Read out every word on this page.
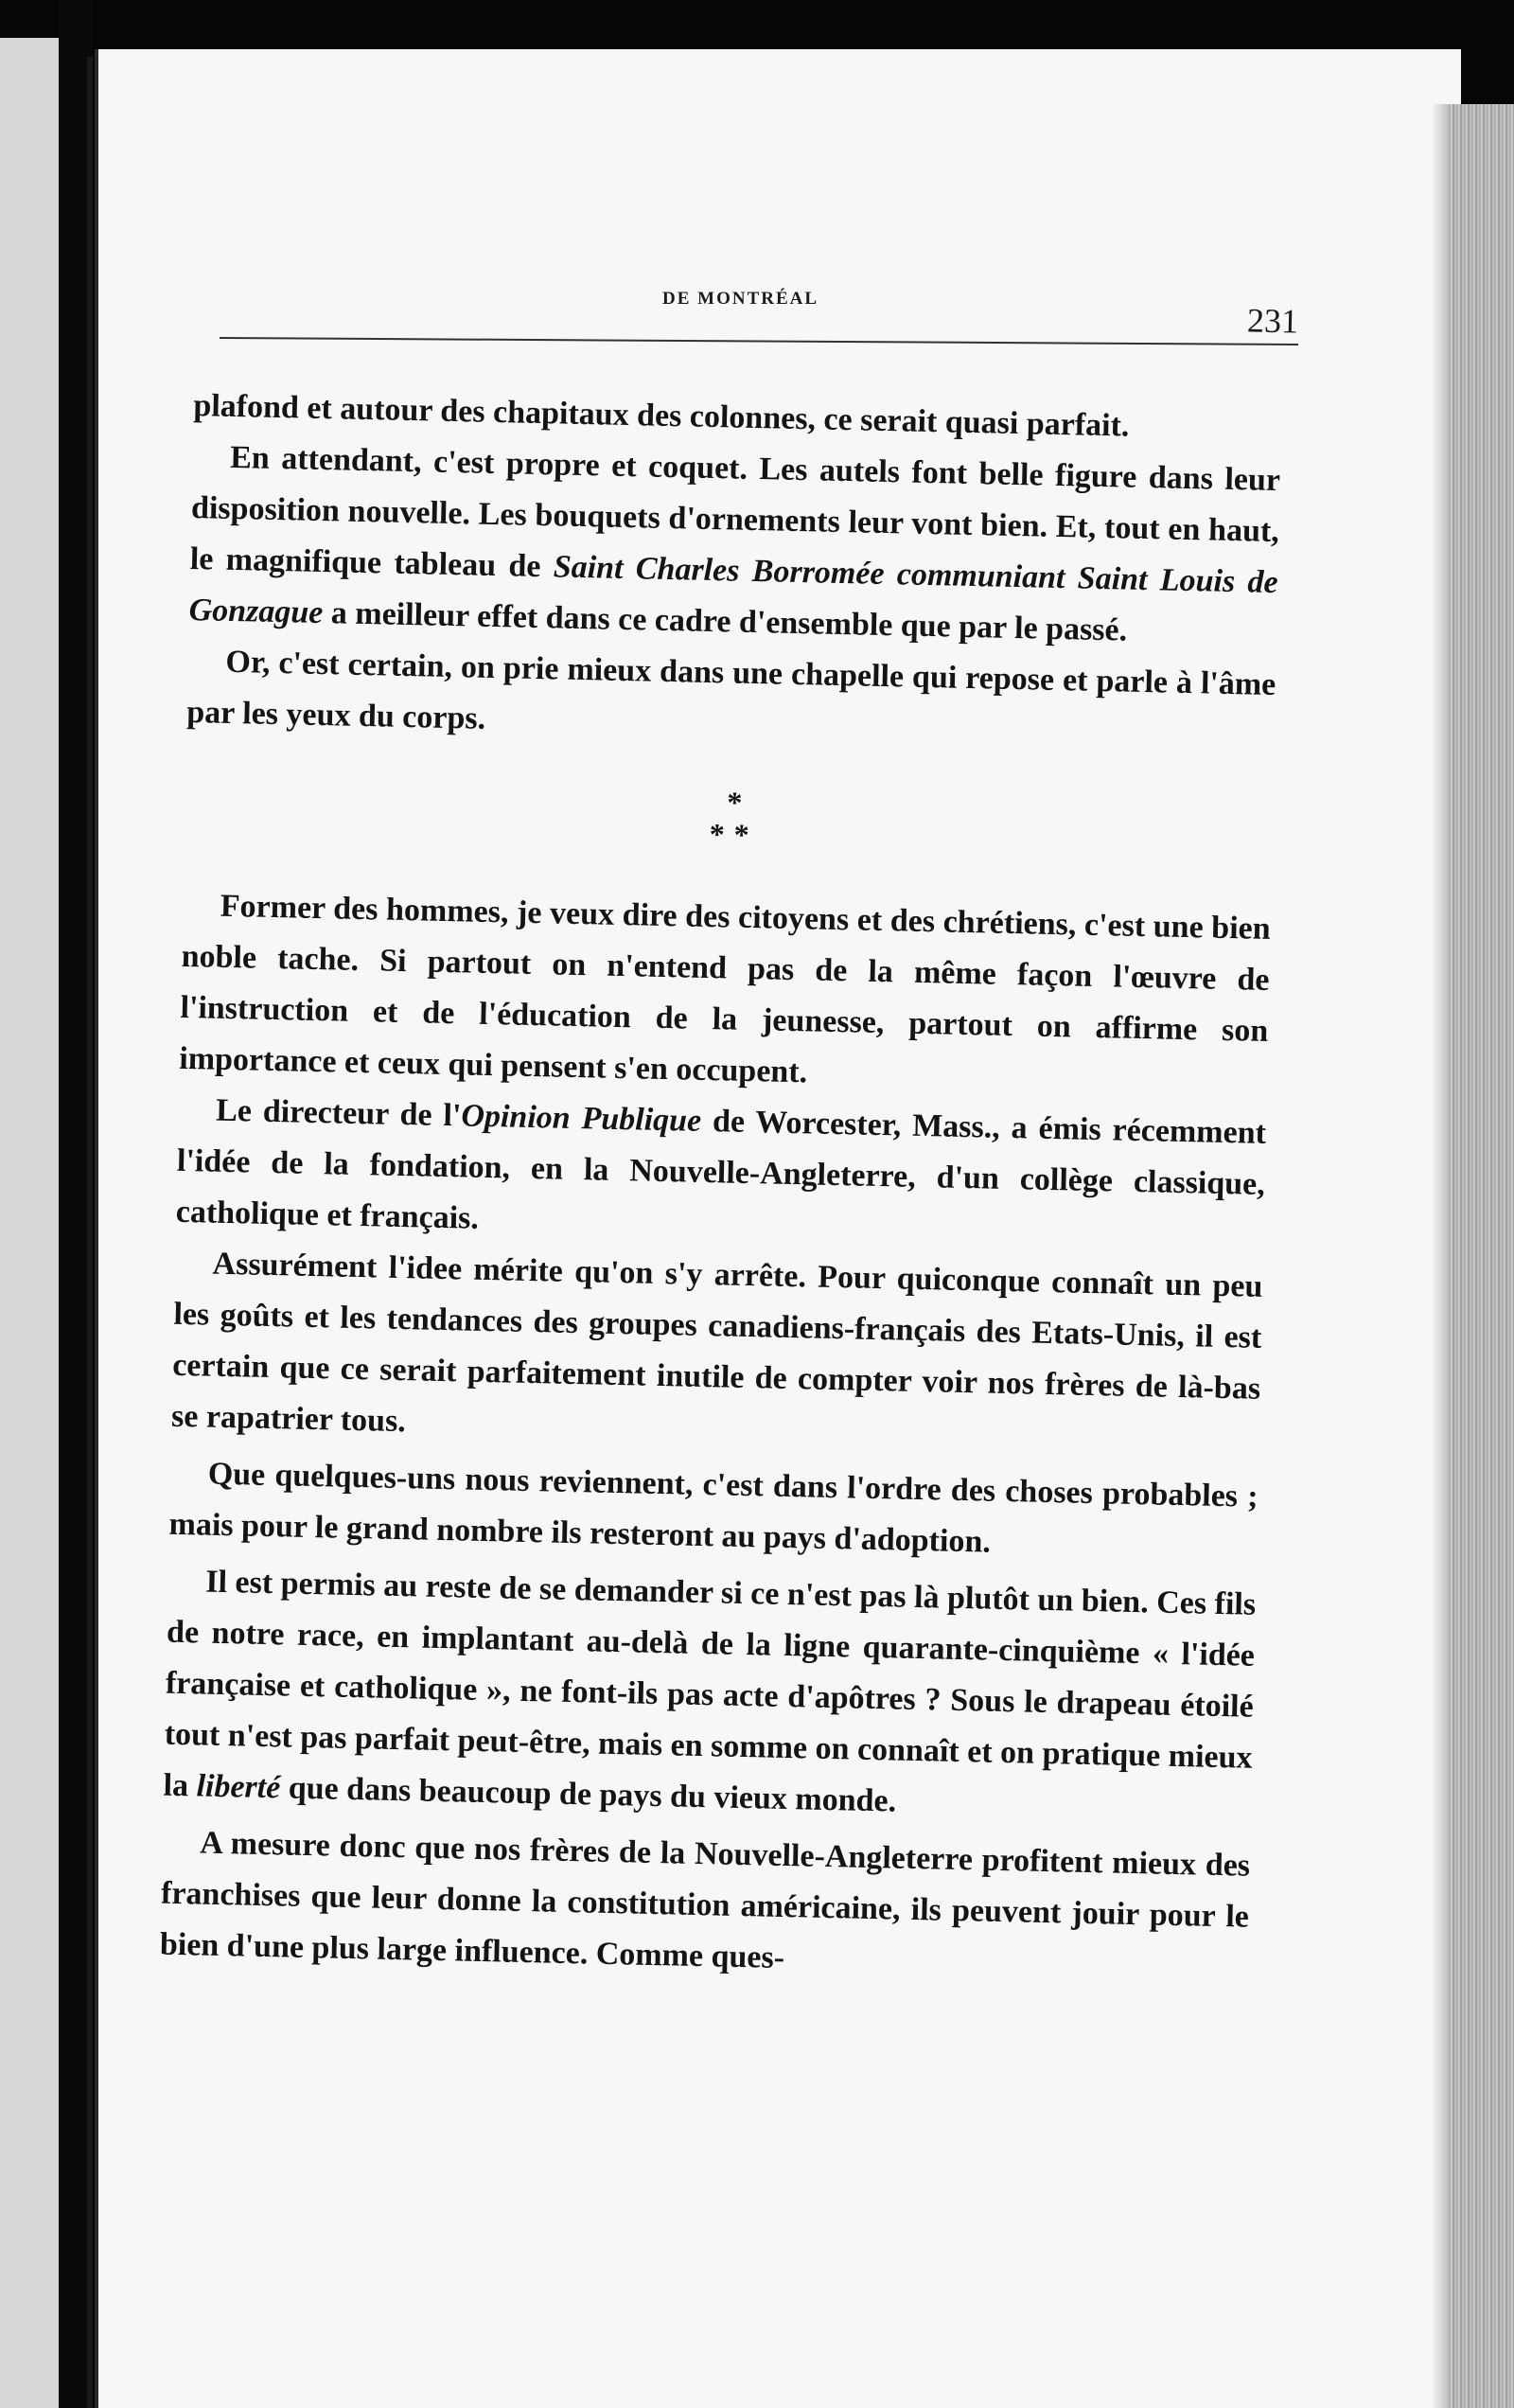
DE MONTRÉAL
231

plafond et autour des chapitaux des colonnes, ce serait quasi parfait.

En attendant, c'est propre et coquet. Les autels font belle figure dans leur disposition nouvelle. Les bouquets d'ornements leur vont bien. Et, tout en haut, le magnifique tableau de Saint Charles Borromée communiant Saint Louis de Gonzague a meilleur effet dans ce cadre d'ensemble que par le passé.

Or, c'est certain, on prie mieux dans une chapelle qui repose et parle à l'âme par les yeux du corps.

*
**

Former des hommes, je veux dire des citoyens et des chrétiens, c'est une bien noble tache. Si partout on n'entend pas de la même façon l'œuvre de l'instruction et de l'éducation de la jeunesse, partout on affirme son importance et ceux qui pensent s'en occupent.

Le directeur de l'Opinion Publique de Worcester, Mass., a émis récemment l'idée de la fondation, en la Nouvelle-Angleterre, d'un collège classique, catholique et français.

Assurément l'idee mérite qu'on s'y arrête. Pour quiconque connaît un peu les goûts et les tendances des groupes canadiens-français des Etats-Unis, il est certain que ce serait parfaitement inutile de compter voir nos frères de là-bas se rapatrier tous.

Que quelques-uns nous reviennent, c'est dans l'ordre des choses probables ; mais pour le grand nombre ils resteront au pays d'adoption.

Il est permis au reste de se demander si ce n'est pas là plutôt un bien. Ces fils de notre race, en implantant au-delà de la ligne quarante-cinquième « l'idée française et catholique », ne font-ils pas acte d'apôtres ? Sous le drapeau étoilé tout n'est pas parfait peut-être, mais en somme on connaît et on pratique mieux la liberté que dans beaucoup de pays du vieux monde.

A mesure donc que nos frères de la Nouvelle-Angleterre profitent mieux des franchises que leur donne la constitution américaine, ils peuvent jouir pour le bien d'une plus large influence. Comme ques-
